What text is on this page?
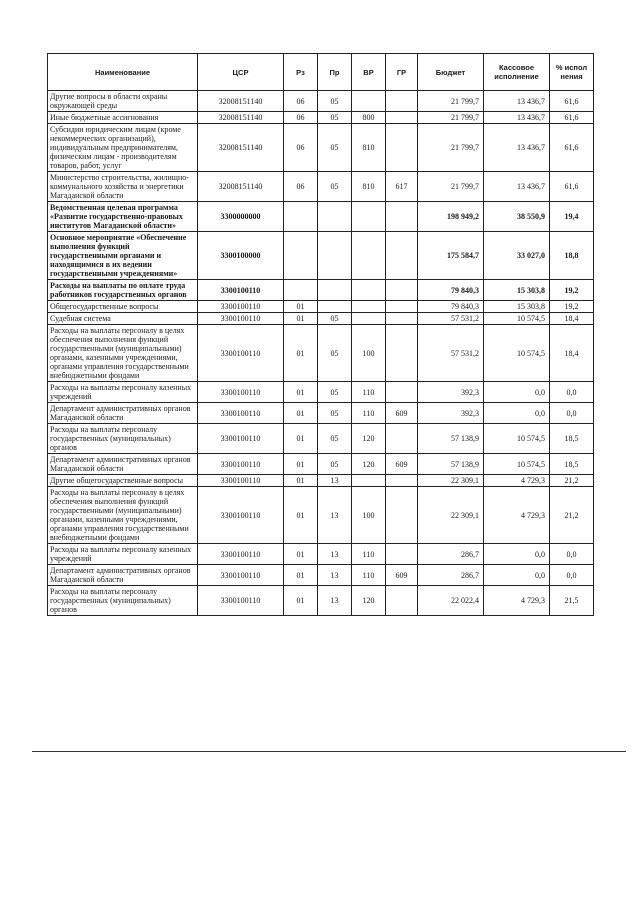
Наименование	ЦСР	Рз	Пр	ВР	ГР	Бюджет	Кассовое исполнение	% испол нения
Другие вопросы в области охраны окружающей среды	32008151140	06	05			21 799,7	13 436,7	61,6
Иные бюджетные ассигнования	32008151140	06	05	800		21 799,7	13 436,7	61,6
Субсидии юридическим лицам (кроме некоммерческих организаций), индивидуальным предпринимателям, физическим лицам - производителям товаров, работ, услуг	32008151140	06	05	810		21 799,7	13 436,7	61,6
Министерство строительства, жилищно-коммунального хозяйства и энергетики Магаданской области	32008151140	06	05	810	617	21 799,7	13 436,7	61,6
Ведомственная целевая программа «Развитие государственно-правовых институтов Магаданской области»	3300000000					198 949,2	38 550,9	19,4
Основное мероприятие «Обеспечение выполнения функций государственными органами и находящимися в их ведении государственными учреждениями»	3300100000					175 584,7	33 027,0	18,8
Расходы на выплаты по оплате труда работников государственных органов	3300100110					79 840,3	15 303,8	19,2
Общегосударственные вопросы	3300100110	01				79 840,3	15 303,8	19,2
Судебная система	3300100110	01	05			57 531,2	10 574,5	18,4
Расходы на выплаты персоналу в целях обеспечения выполнения функций государственными (муниципальными) органами, казенными учреждениями, органами управления государственными внебюджетными фондами	3300100110	01	05	100		57 531,2	10 574,5	18,4
Расходы на выплаты персоналу казенных учреждений	3300100110	01	05	110		392,3	0,0	0,0
Департамент административных органов Магаданской области	3300100110	01	05	110	609	392,3	0,0	0,0
Расходы на выплаты персоналу государственных (муниципальных) органов	3300100110	01	05	120		57 138,9	10 574,5	18,5
Департамент административных органов Магаданской области	3300100110	01	05	120	609	57 138,9	10 574,5	18,5
Другие общегосударственные вопросы	3300100110	01	13			22 309,1	4 729,3	21,2
Расходы на выплаты персоналу в целях обеспечения выполнения функций государственными (муниципальными) органами, казенными учреждениями, органами управления государственными внебюджетными фондами	3300100110	01	13	100		22 309,1	4 729,3	21,2
Расходы на выплаты персоналу казенных учреждений	3300100110	01	13	110		286,7	0,0	0,0
Департамент административных органов Магаданской области	3300100110	01	13	110	609	286,7	0,0	0,0
Расходы на выплаты персоналу государственных (муниципальных) органов	3300100110	01	13	120		22 022,4	4 729,3	21,5
